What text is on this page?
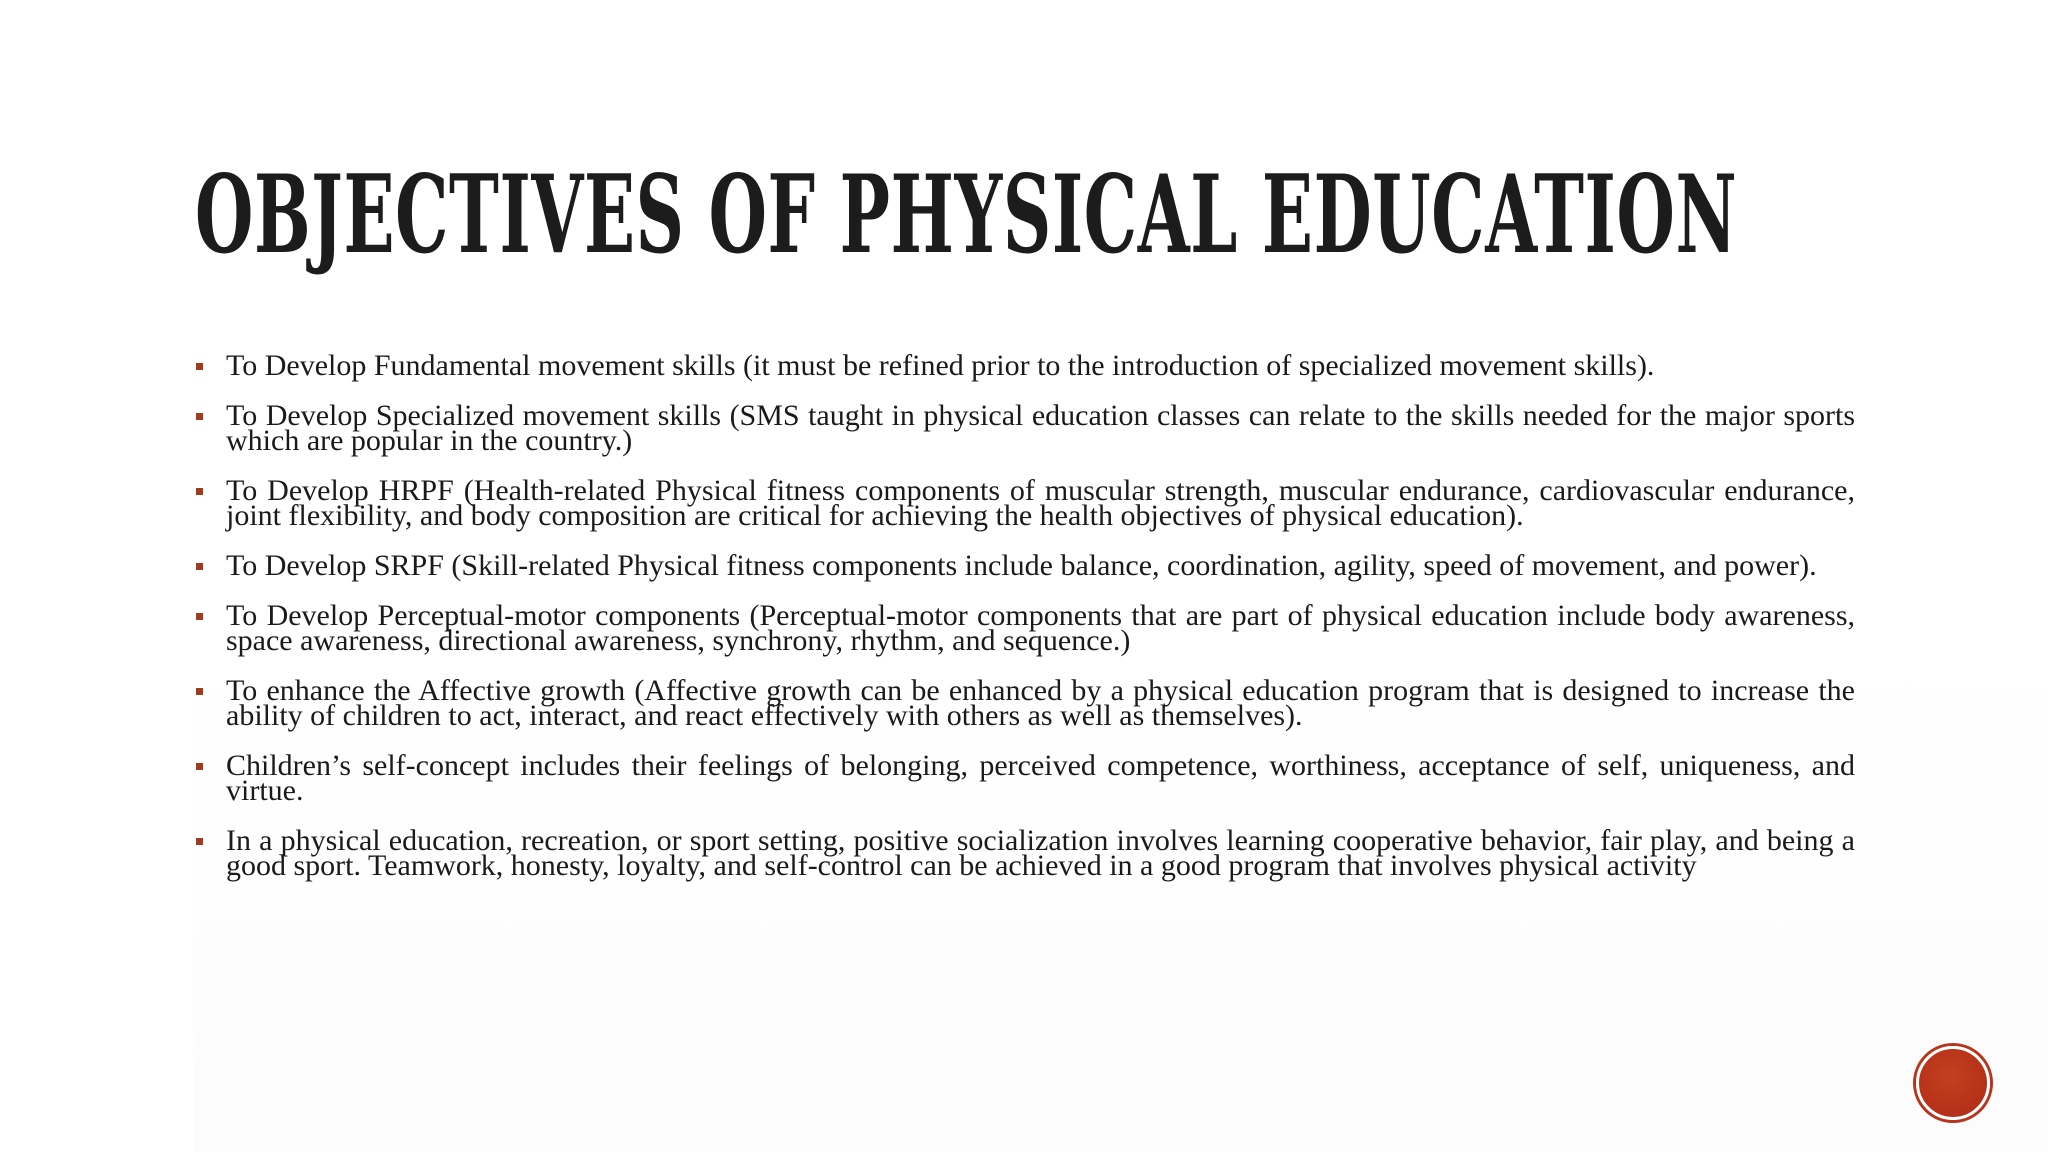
OBJECTIVES OF PHYSICAL EDUCATION
To Develop Fundamental movement skills (it must be refined prior to the introduction of specialized movement skills).
To Develop Specialized movement skills (SMS taught in physical education classes can relate to the skills needed for the major sports which are popular in the country.)
To Develop HRPF (Health-related Physical fitness components of muscular strength, muscular endurance, cardiovascular endurance, joint flexibility, and body composition are critical for achieving the health objectives of physical education).
To Develop SRPF (Skill-related Physical fitness components include balance, coordination, agility, speed of movement, and power).
To Develop Perceptual-motor components (Perceptual-motor components that are part of physical education include body awareness, space awareness, directional awareness, synchrony, rhythm, and sequence.)
To enhance the Affective growth (Affective growth can be enhanced by a physical education program that is designed to increase the ability of children to act, interact, and react effectively with others as well as themselves).
Children’s self-concept includes their feelings of belonging, perceived competence, worthiness, acceptance of self, uniqueness, and virtue.
In a physical education, recreation, or sport setting, positive socialization involves learning cooperative behavior, fair play, and being a good sport. Teamwork, honesty, loyalty, and self-control can be achieved in a good program that involves physical activity
